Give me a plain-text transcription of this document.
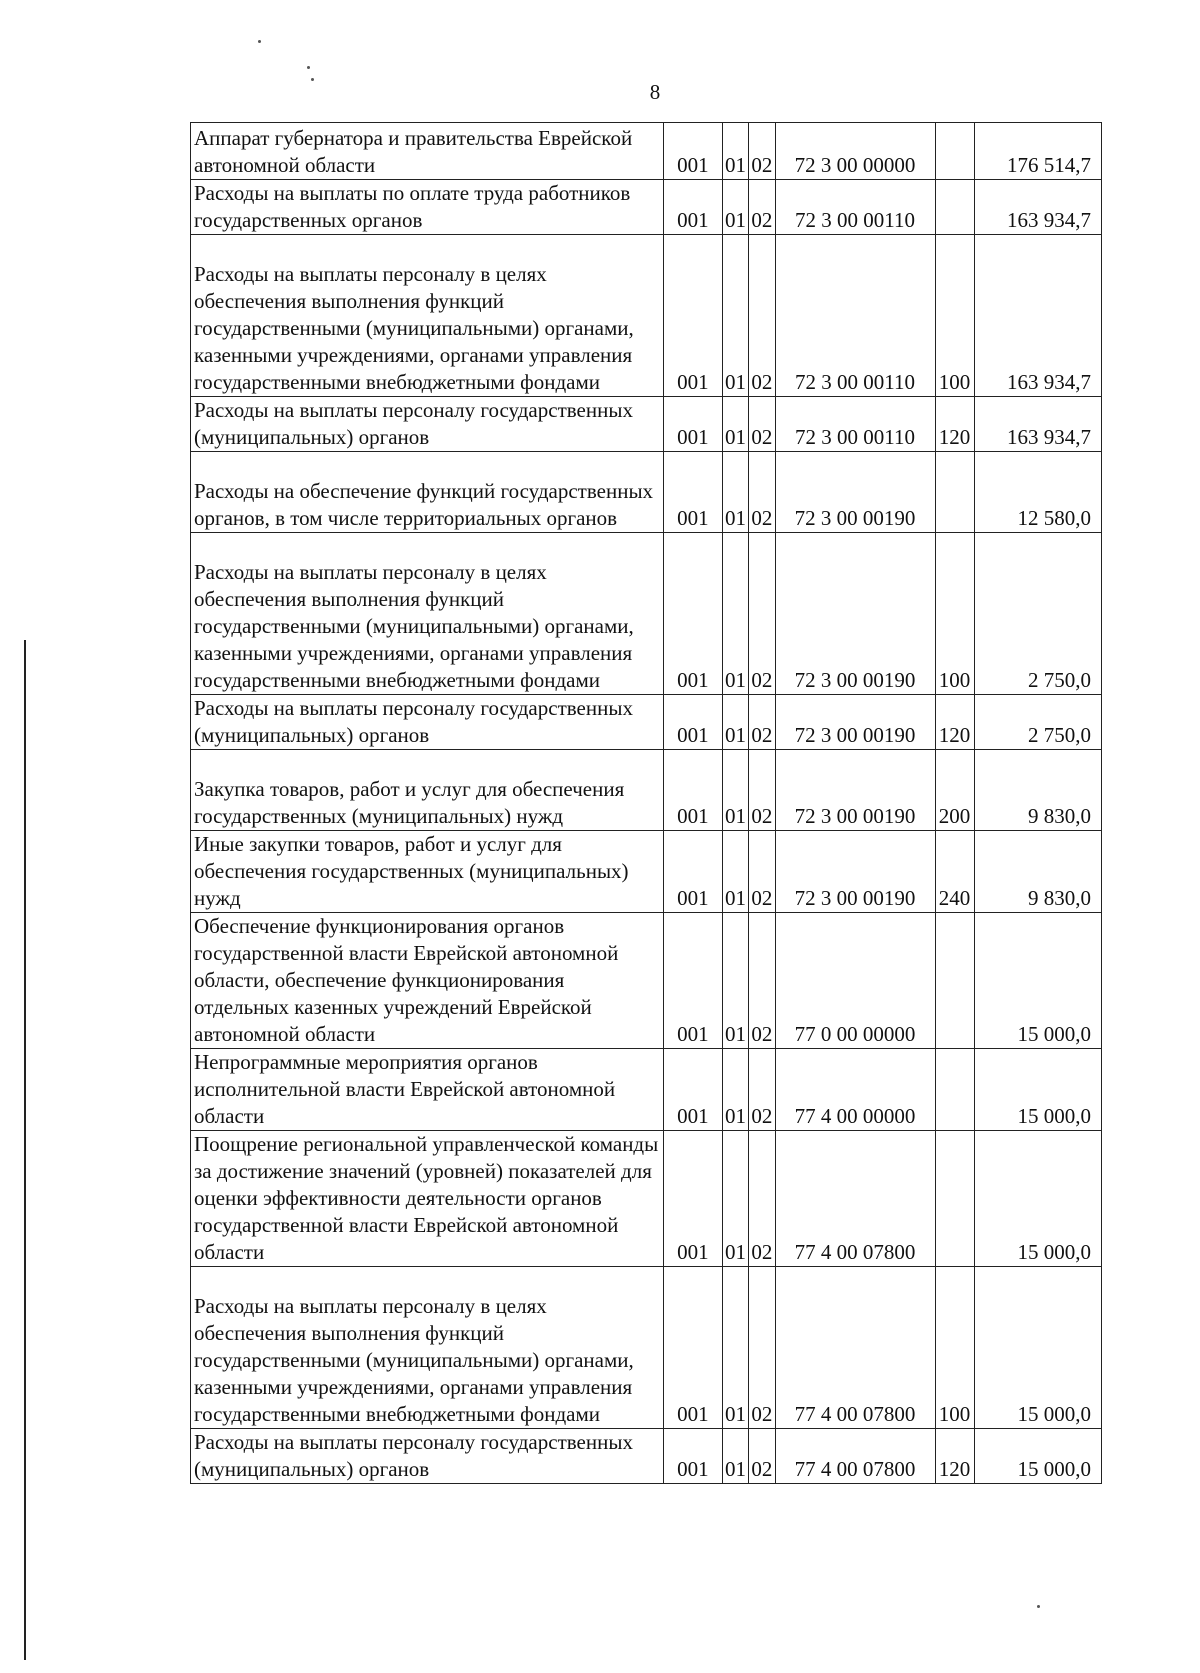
8
Аппарат губернатора и правительства Еврейской автономной области	001	01	02	72 3 00 00000		176 514,7
Расходы на выплаты по оплате труда работников государственных органов	001	01	02	72 3 00 00110		163 934,7
Расходы на выплаты персоналу в целях обеспечения выполнения функций государственными (муниципальными) органами, казенными учреждениями, органами управления государственными внебюджетными фондами	001	01	02	72 3 00 00110	100	163 934,7
Расходы на выплаты персоналу государственных (муниципальных) органов	001	01	02	72 3 00 00110	120	163 934,7
Расходы на обеспечение функций государственных органов, в том числе территориальных органов	001	01	02	72 3 00 00190		12 580,0
Расходы на выплаты персоналу в целях обеспечения выполнения функций государственными (муниципальными) органами, казенными учреждениями, органами управления государственными внебюджетными фондами	001	01	02	72 3 00 00190	100	2 750,0
Расходы на выплаты персоналу государственных (муниципальных) органов	001	01	02	72 3 00 00190	120	2 750,0
Закупка товаров, работ и услуг для обеспечения государственных (муниципальных) нужд	001	01	02	72 3 00 00190	200	9 830,0
Иные закупки товаров, работ и услуг для обеспечения государственных (муниципальных) нужд	001	01	02	72 3 00 00190	240	9 830,0
Обеспечение функционирования органов государственной власти Еврейской автономной области, обеспечение функционирования отдельных казенных учреждений Еврейской автономной области	001	01	02	77 0 00 00000		15 000,0
Непрограммные мероприятия органов исполнительной власти Еврейской автономной области	001	01	02	77 4 00 00000		15 000,0
Поощрение региональной управленческой команды за достижение значений (уровней) показателей для оценки эффективности деятельности органов государственной власти Еврейской автономной области	001	01	02	77 4 00 07800		15 000,0
Расходы на выплаты персоналу в целях обеспечения выполнения функций государственными (муниципальными) органами, казенными учреждениями, органами управления государственными внебюджетными фондами	001	01	02	77 4 00 07800	100	15 000,0
Расходы на выплаты персоналу государственных (муниципальных) органов	001	01	02	77 4 00 07800	120	15 000,0
